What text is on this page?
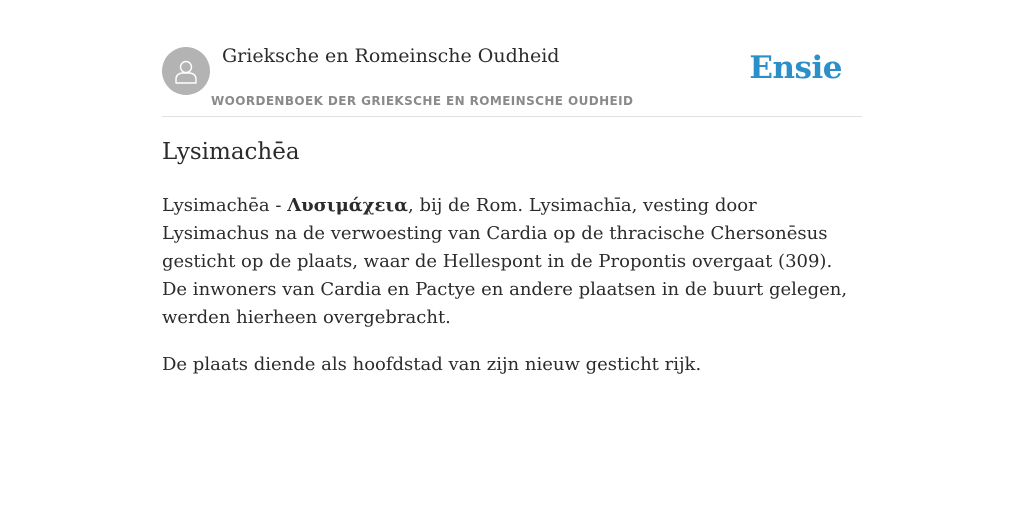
Grieksche en Romeinsche Oudheid
WOORDENBOEK DER GRIEKSCHE EN ROMEINSCHE OUDHEID
Ensie
Lysimachēa

Lysimachēa - Λυσιμάχεια, bij de Rom. Lysimachīa, vesting door Lysimachus na de verwoesting van Cardia op de thracische Chersonēsus gesticht op de plaats, waar de Hellespont in de Propontis overgaat (309). De inwoners van Cardia en Pactye en andere plaatsen in de buurt gelegen, werden hierheen overgebracht.

De plaats diende als hoofdstad van zijn nieuw gesticht rijk.
